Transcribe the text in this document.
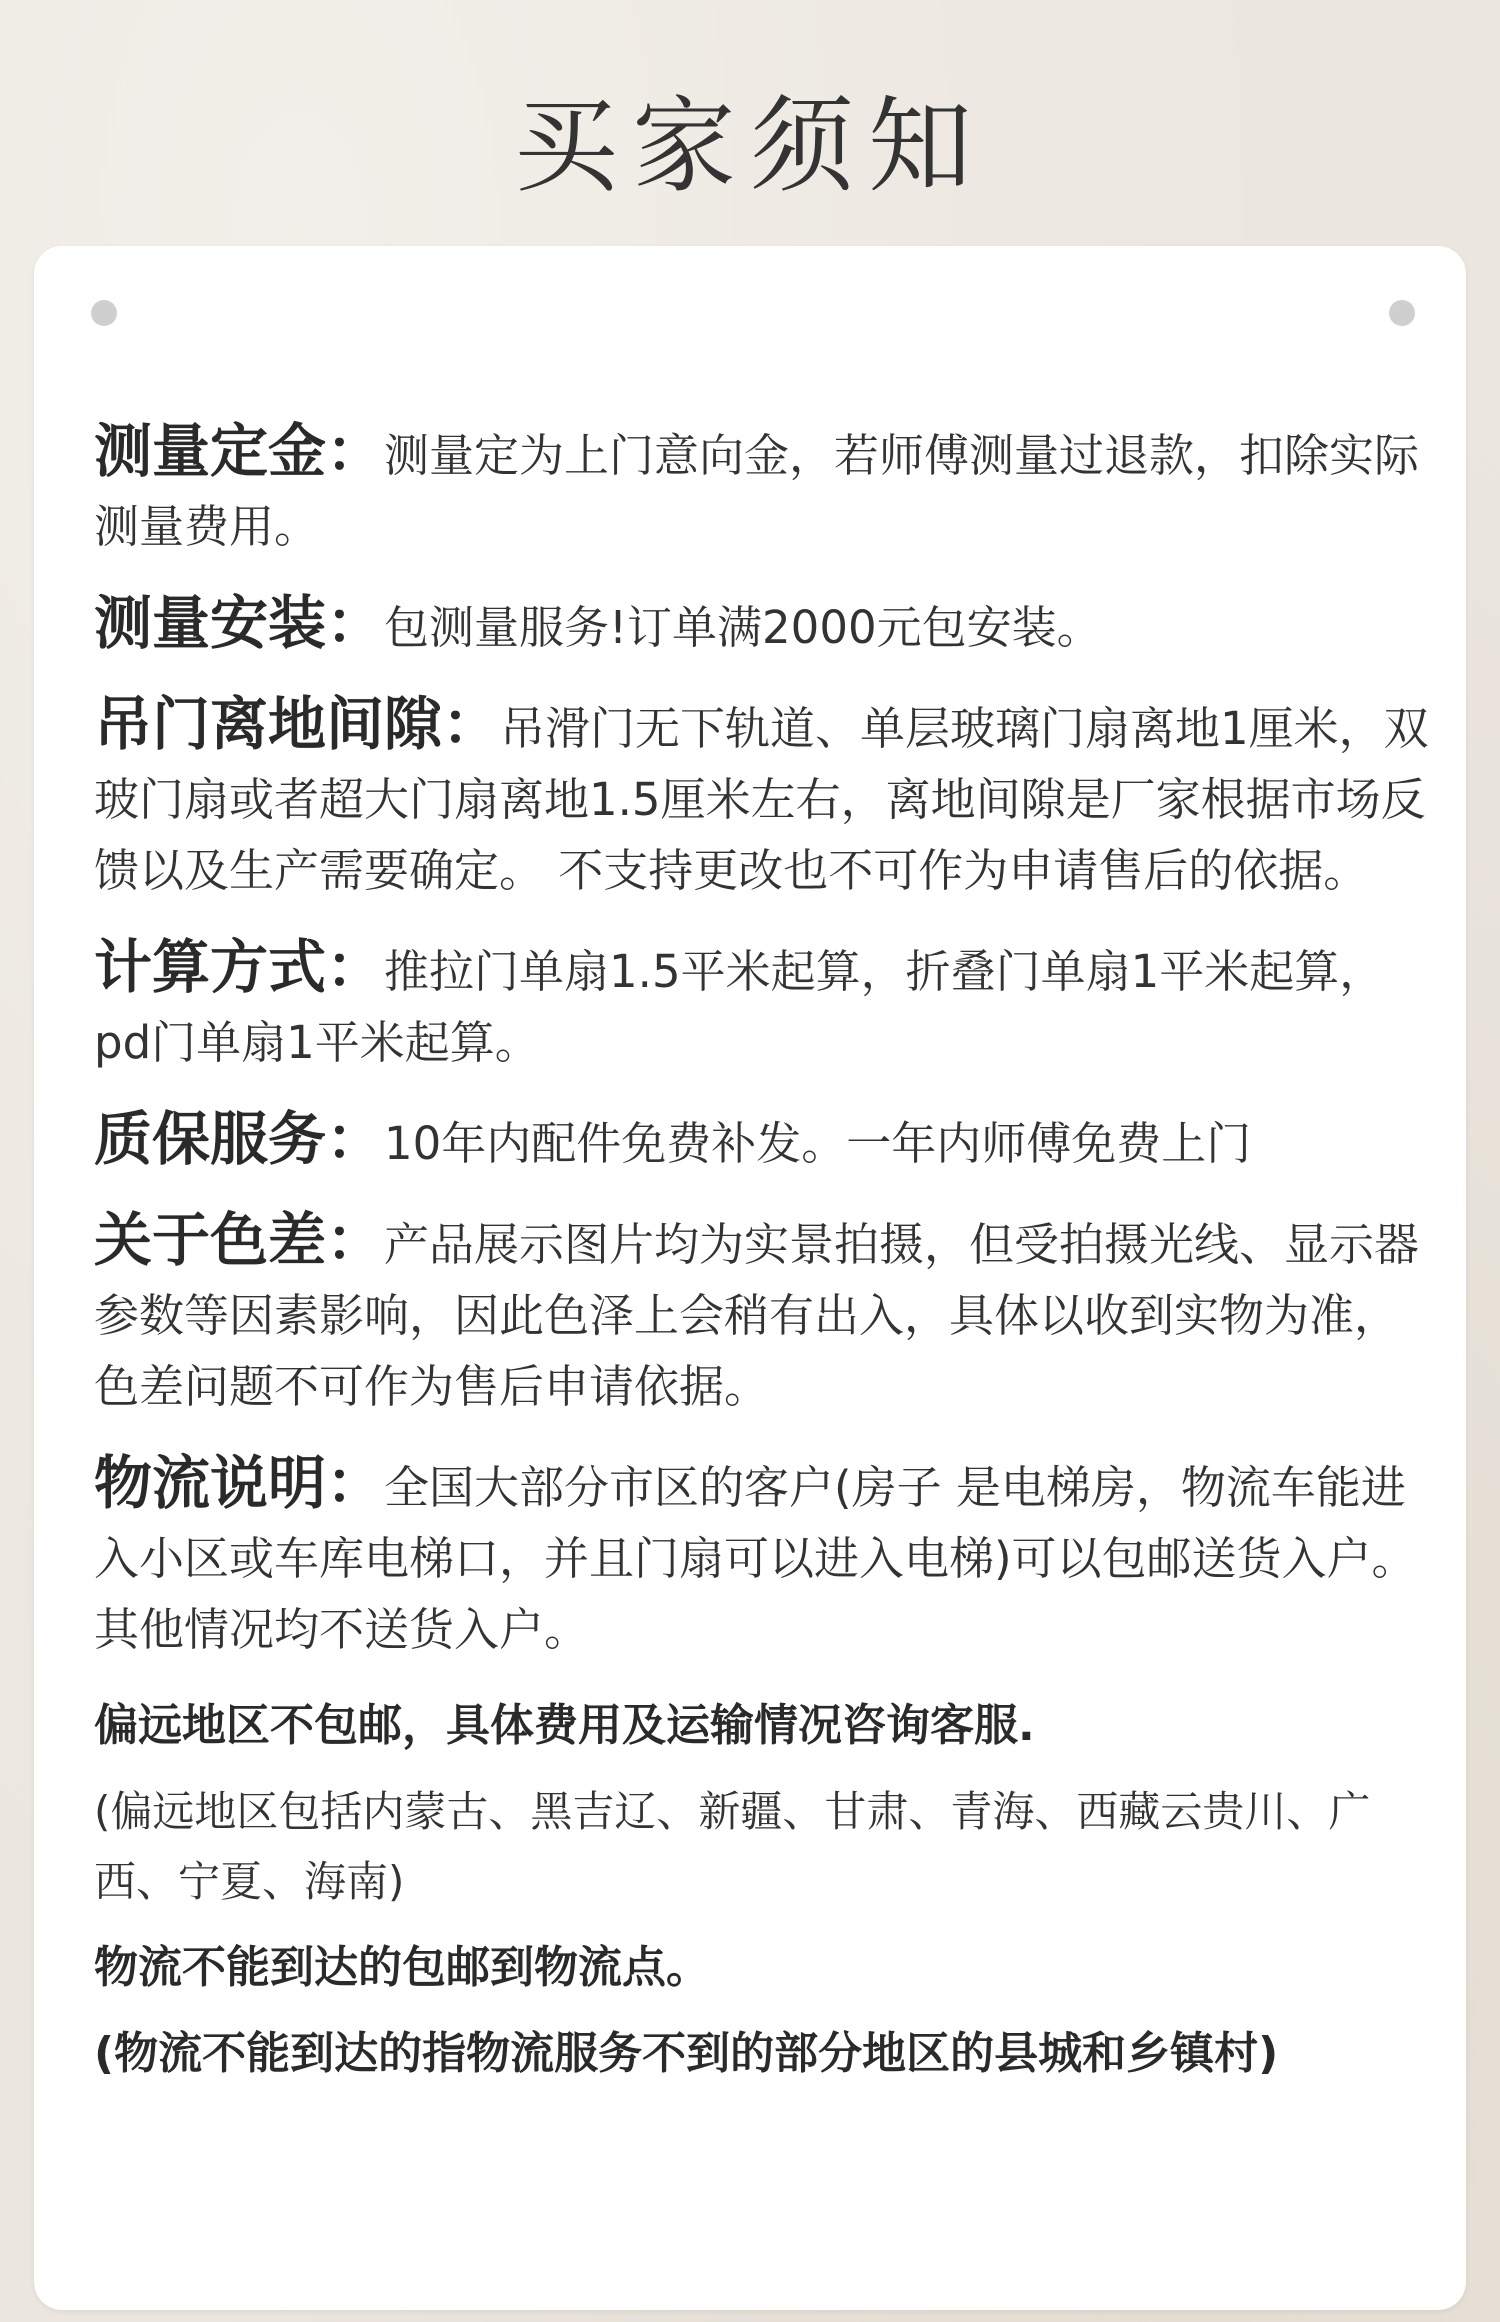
买家须知
测量定金：测量定为上门意向金，若师傅测量过退款，扣除实际测量费用。
测量安装：包测量服务!订单满2000元包安装。
吊门离地间隙：吊滑门无下轨道、单层玻璃门扇离地1厘米，双玻门扇或者超大门扇离地1.5厘米左右，离地间隙是厂家根据市场反馈以及生产需要确定。 不支持更改也不可作为申请售后的依据。
计算方式：推拉门单扇1.5平米起算，折叠门单扇1平米起算，pd门单扇1平米起算。
质保服务：10年内配件免费补发。一年内师傅免费上门
关于色差：产品展示图片均为实景拍摄，但受拍摄光线、显示器参数等因素影响，因此色泽上会稍有出入，具体以收到实物为准，色差问题不可作为售后申请依据。
物流说明：全国大部分市区的客户(房子 是电梯房，物流车能进入小区或车库电梯口，并且门扇可以进入电梯)可以包邮送货入户。其他情况均不送货入户。
偏远地区不包邮，具体费用及运输情况咨询客服.
(偏远地区包括内蒙古、黑吉辽、新疆、甘肃、青海、西藏云贵川、广西、宁夏、海南)
物流不能到达的包邮到物流点。
(物流不能到达的指物流服务不到的部分地区的县城和乡镇村)
